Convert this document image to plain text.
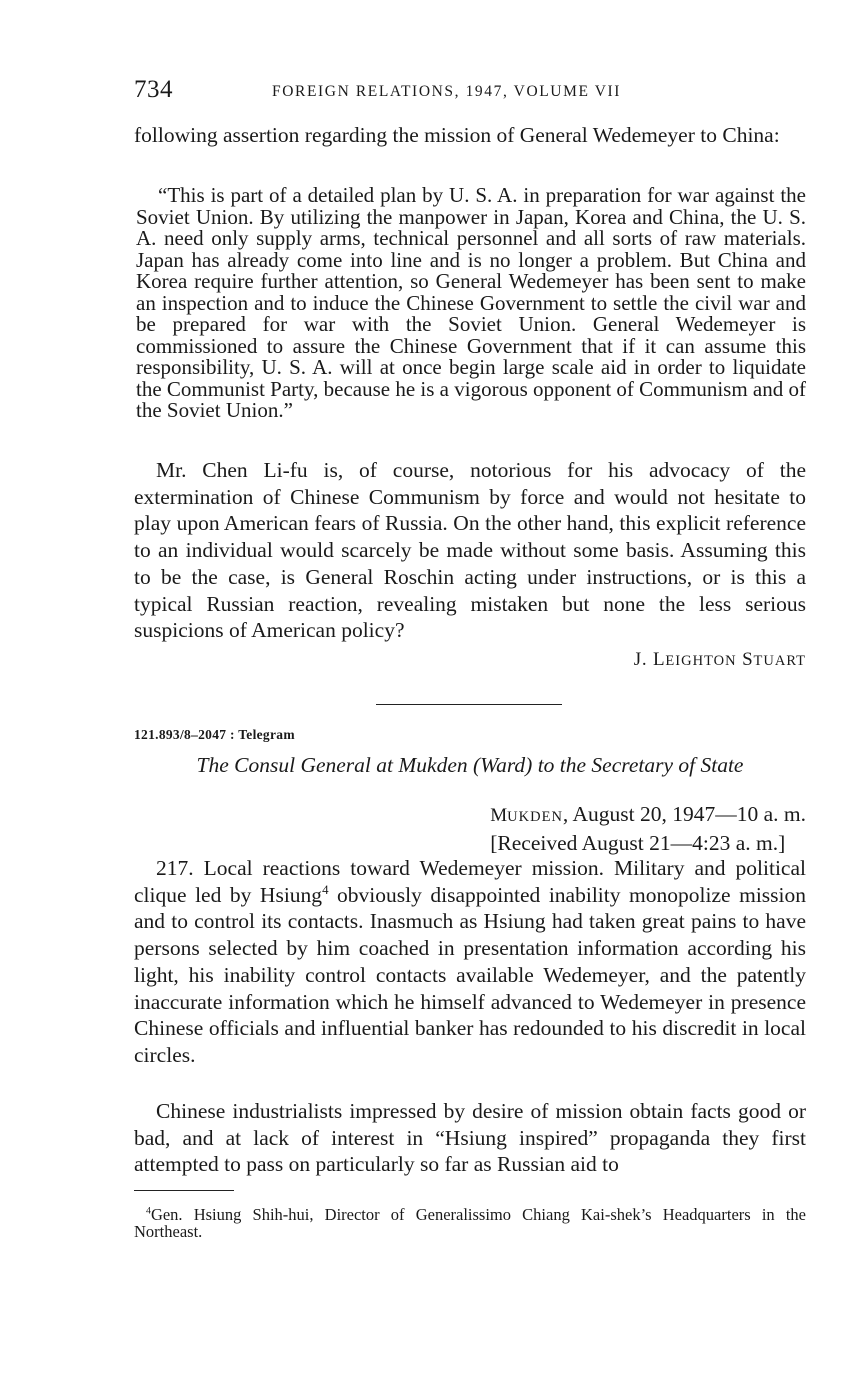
734	FOREIGN RELATIONS, 1947, VOLUME VII

following assertion regarding the mission of General Wedemeyer to China:

“This is part of a detailed plan by U. S. A. in preparation for war against the Soviet Union. By utilizing the manpower in Japan, Korea and China, the U. S. A. need only supply arms, technical personnel and all sorts of raw materials. Japan has already come into line and is no longer a problem. But China and Korea require further attention, so General Wedemeyer has been sent to make an inspection and to induce the Chinese Government to settle the civil war and be prepared for war with the Soviet Union. General Wedemeyer is commissioned to assure the Chinese Government that if it can assume this responsibility, U. S. A. will at once begin large scale aid in order to liquidate the Communist Party, because he is a vigorous opponent of Communism and of the Soviet Union.”

Mr. Chen Li-fu is, of course, notorious for his advocacy of the extermination of Chinese Communism by force and would not hesitate to play upon American fears of Russia. On the other hand, this explicit reference to an individual would scarcely be made without some basis. Assuming this to be the case, is General Roschin acting under instructions, or is this a typical Russian reaction, revealing mistaken but none the less serious suspicions of American policy?

J. LEIGHTON STUART
121.893/8–2047 : Telegram
The Consul General at Mukden (Ward) to the Secretary of State
MUKDEN, August 20, 1947—10 a. m.
[Received August 21—4:23 a. m.]

217. Local reactions toward Wedemeyer mission. Military and political clique led by Hsiung$^4$ obviously disappointed inability monopolize mission and to control its contacts. Inasmuch as Hsiung had taken great pains to have persons selected by him coached in presentation information according his light, his inability control contacts available Wedemeyer, and the patently inaccurate information which he himself advanced to Wedemeyer in presence Chinese officials and influential banker has redounded to his discredit in local circles.

Chinese industrialists impressed by desire of mission obtain facts good or bad, and at lack of interest in “Hsiung inspired” propaganda they first attempted to pass on particularly so far as Russian aid to

$^4$Gen. Hsiung Shih-hui, Director of Generalissimo Chiang Kai-shek’s Headquarters in the Northeast.
